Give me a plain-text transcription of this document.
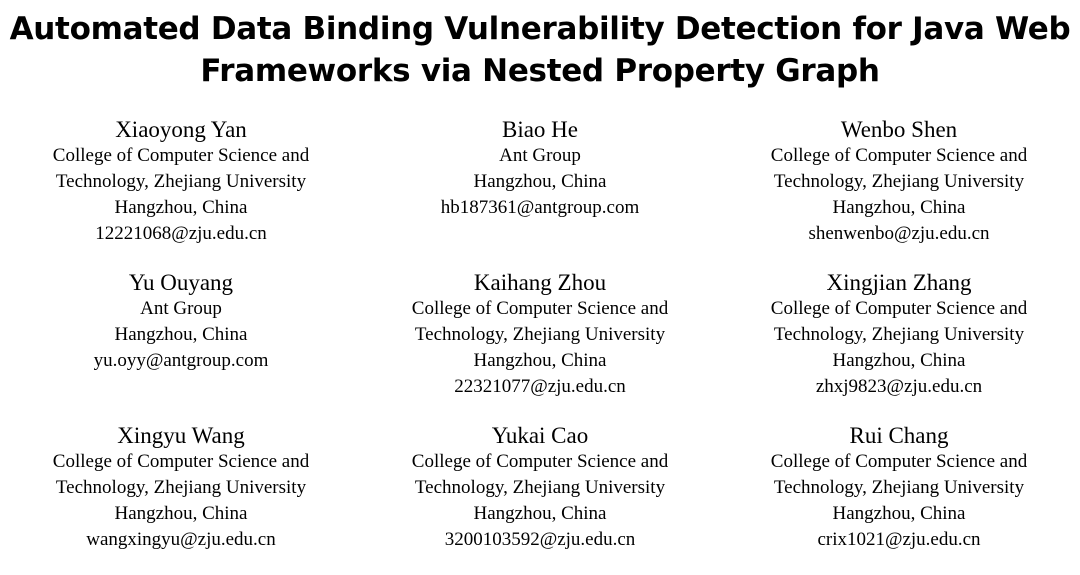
Automated Data Binding Vulnerability Detection for Java Web
Frameworks via Nested Property Graph
Xiaoyong Yan
College of Computer Science and
Technology, Zhejiang University
Hangzhou, China
12221068@zju.edu.cn
Biao He
Ant Group
Hangzhou, China
hb187361@antgroup.com
Wenbo Shen
College of Computer Science and
Technology, Zhejiang University
Hangzhou, China
shenwenbo@zju.edu.cn
Yu Ouyang
Ant Group
Hangzhou, China
yu.oyy@antgroup.com
Kaihang Zhou
College of Computer Science and
Technology, Zhejiang University
Hangzhou, China
22321077@zju.edu.cn
Xingjian Zhang
College of Computer Science and
Technology, Zhejiang University
Hangzhou, China
zhxj9823@zju.edu.cn
Xingyu Wang
College of Computer Science and
Technology, Zhejiang University
Hangzhou, China
wangxingyu@zju.edu.cn
Yukai Cao
College of Computer Science and
Technology, Zhejiang University
Hangzhou, China
3200103592@zju.edu.cn
Rui Chang
College of Computer Science and
Technology, Zhejiang University
Hangzhou, China
crix1021@zju.edu.cn
